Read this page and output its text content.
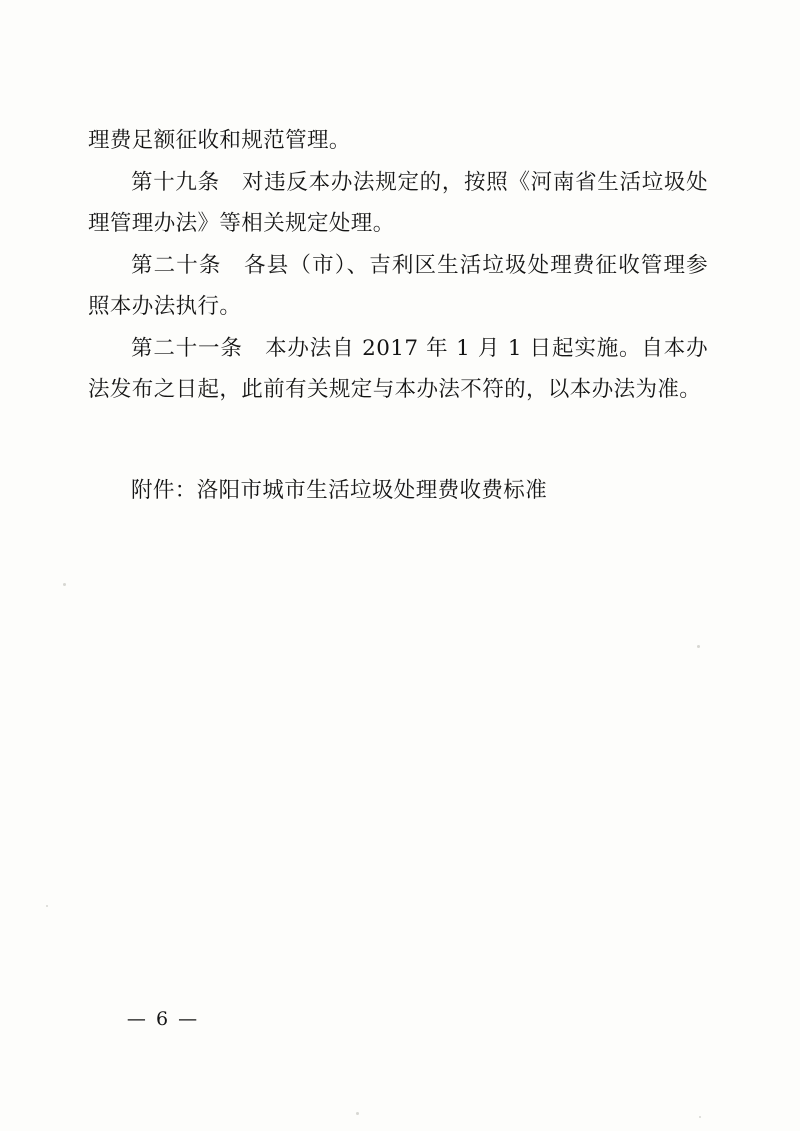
理费足额征收和规范管理。

第十九条　对违反本办法规定的，按照《河南省生活垃圾处理管理办法》等相关规定处理。

第二十条　各县（市）、吉利区生活垃圾处理费征收管理参照本办法执行。

第二十一条　本办法自 2017 年 1 月 1 日起实施。自本办法发布之日起，此前有关规定与本办法不符的，以本办法为准。

附件：洛阳市城市生活垃圾处理费收费标准

— 6 —
